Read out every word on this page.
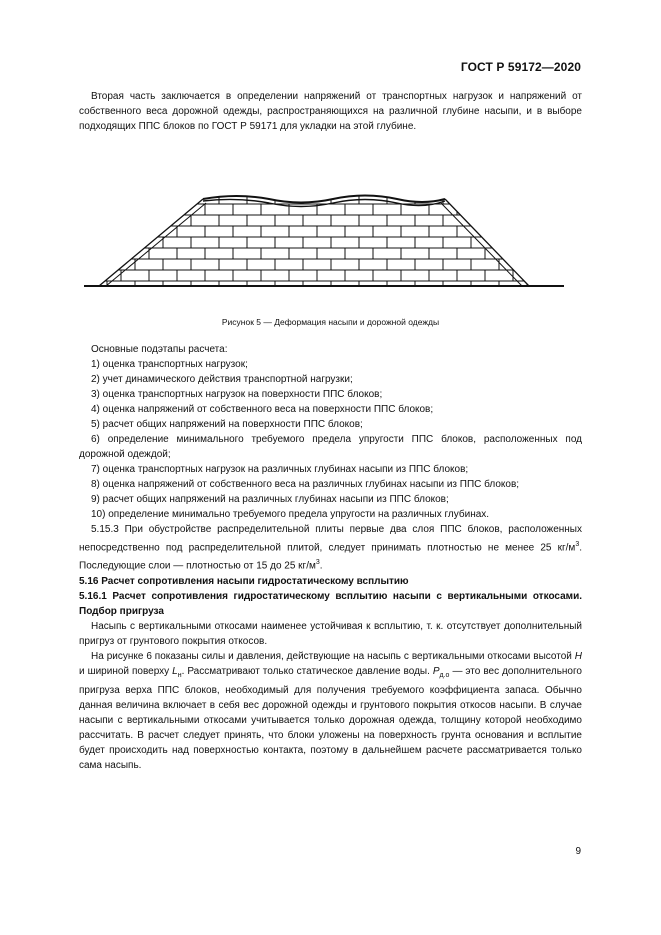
ГОСТ Р 59172—2020

Вторая часть заключается в определении напряжений от транспортных нагрузок и напряжений от собственного веса дорожной одежды, распространяющихся на различной глубине насыпи, и в выборе подходящих ППС блоков по ГОСТ Р 59171 для укладки на этой глубине.

Рисунок 5 — Деформация насыпи и дорожной одежды

Основные подэтапы расчета:

1) оценка транспортных нагрузок;

2) учет динамического действия транспортной нагрузки;

3) оценка транспортных нагрузок на поверхности ППС блоков;

4) оценка напряжений от собственного веса на поверхности ППС блоков;

5) расчет общих напряжений на поверхности ППС блоков;

6) определение минимального требуемого предела упругости ППС блоков, расположенных под дорожной одеждой;

7) оценка транспортных нагрузок на различных глубинах насыпи из ППС блоков;

8) оценка напряжений от собственного веса на различных глубинах насыпи из ППС блоков;

9) расчет общих напряжений на различных глубинах насыпи из ППС блоков;

10) определение минимально требуемого предела упругости на различных глубинах.

5.15.3 При обустройстве распределительной плиты первые два слоя ППС блоков, расположенных непосредственно под распределительной плитой, следует принимать плотностью не менее 25 $кг/м^3$. Последующие слои — плотностью от 15 до 25 $кг/м^3$.

5.16 Расчет сопротивления насыпи гидростатическому всплытию

5.16.1 Расчет сопротивления гидростатическому всплытию насыпи с вертикальными откосами. Подбор пригруза

Насыпь с вертикальными откосами наименее устойчивая к всплытию, т. к. отсутствует дополнительный пригруз от грунтового покрытия откосов.

На рисунке 6 показаны силы и давления, действующие на насыпь с вертикальными откосами высотой H и шириной поверху $L_н$. Рассматривают только статическое давление воды. $P_{д.о}$ — это вес дополнительного пригруза верха ППС блоков, необходимый для получения требуемого коэффициента запаса. Обычно данная величина включает в себя вес дорожной одежды и грунтового покрытия откосов насыпи. В случае насыпи с вертикальными откосами учитывается только дорожная одежда, толщину которой необходимо рассчитать. В расчет следует принять, что блоки уложены на поверхность грунта основания и всплытие будет происходить над поверхностью контакта, поэтому в дальнейшем расчете рассматривается только сама насыпь.

9
